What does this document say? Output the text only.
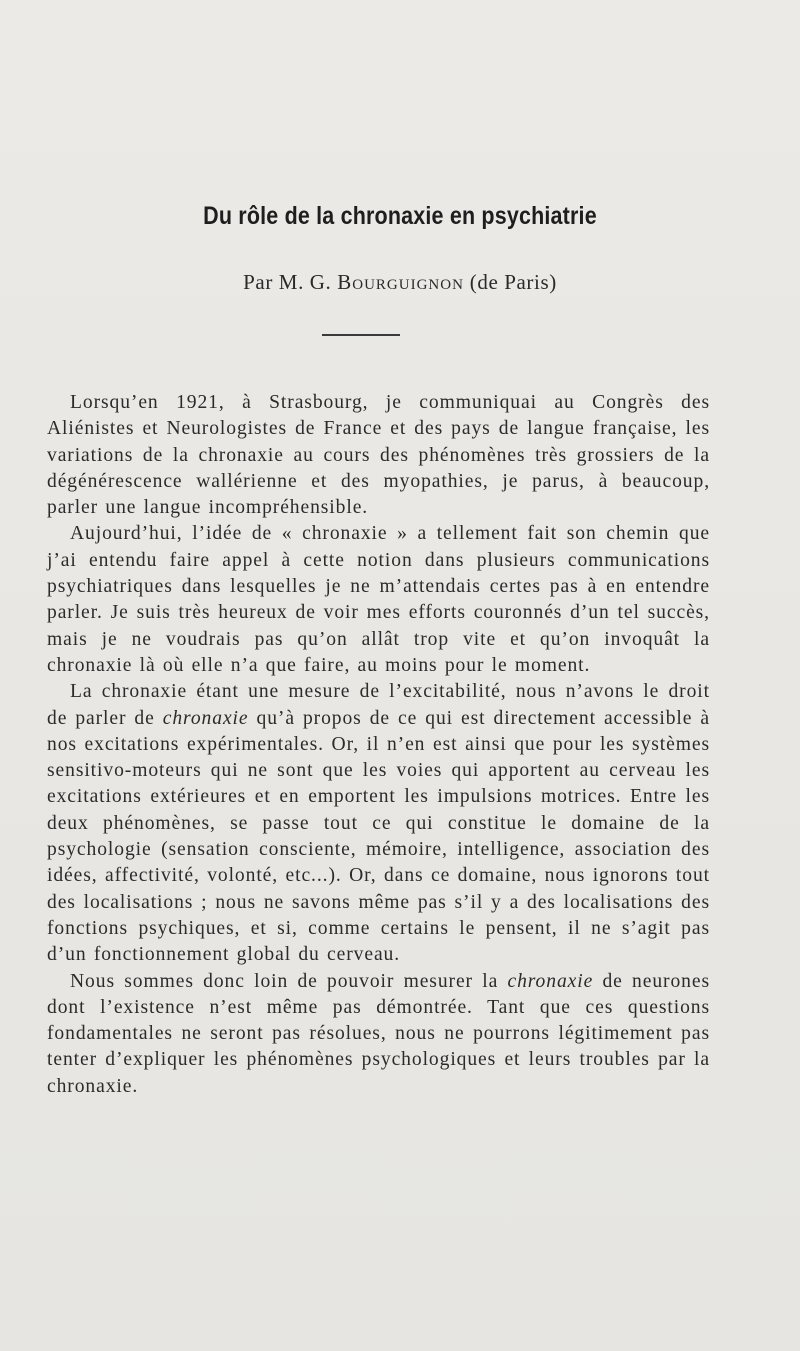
Du rôle de la chronaxie en psychiatrie
Par M. G. Bourguignon (de Paris)

Lorsqu’en 1921, à Strasbourg, je communiquai au Congrès des Aliénistes et Neurologistes de France et des pays de langue française, les variations de la chronaxie au cours des phénomènes très grossiers de la dégénérescence wallérienne et des myopathies, je parus, à beaucoup, parler une langue incompréhensible.

Aujourd’hui, l’idée de « chronaxie » a tellement fait son chemin que j’ai entendu faire appel à cette notion dans plusieurs communications psychiatriques dans lesquelles je ne m’attendais certes pas à en entendre parler. Je suis très heureux de voir mes efforts couronnés d’un tel succès, mais je ne voudrais pas qu’on allât trop vite et qu’on invoquât la chronaxie là où elle n’a que faire, au moins pour le moment.

La chronaxie étant une mesure de l’excitabilité, nous n’avons le droit de parler de chronaxie qu’à propos de ce qui est directement accessible à nos excitations expérimentales. Or, il n’en est ainsi que pour les systèmes sensitivo-moteurs qui ne sont que les voies qui apportent au cerveau les excitations extérieures et en emportent les impulsions motrices. Entre les deux phénomènes, se passe tout ce qui constitue le domaine de la psychologie (sensation consciente, mémoire, intelligence, association des idées, affectivité, volonté, etc...). Or, dans ce domaine, nous ignorons tout des localisations ; nous ne savons même pas s’il y a des localisations des fonctions psychiques, et si, comme certains le pensent, il ne s’agit pas d’un fonctionnement global du cerveau.

Nous sommes donc loin de pouvoir mesurer la chronaxie de neurones dont l’existence n’est même pas démontrée. Tant que ces questions fondamentales ne seront pas résolues, nous ne pourrons légitimement pas tenter d’expliquer les phénomènes psychologiques et leurs troubles par la chronaxie.
